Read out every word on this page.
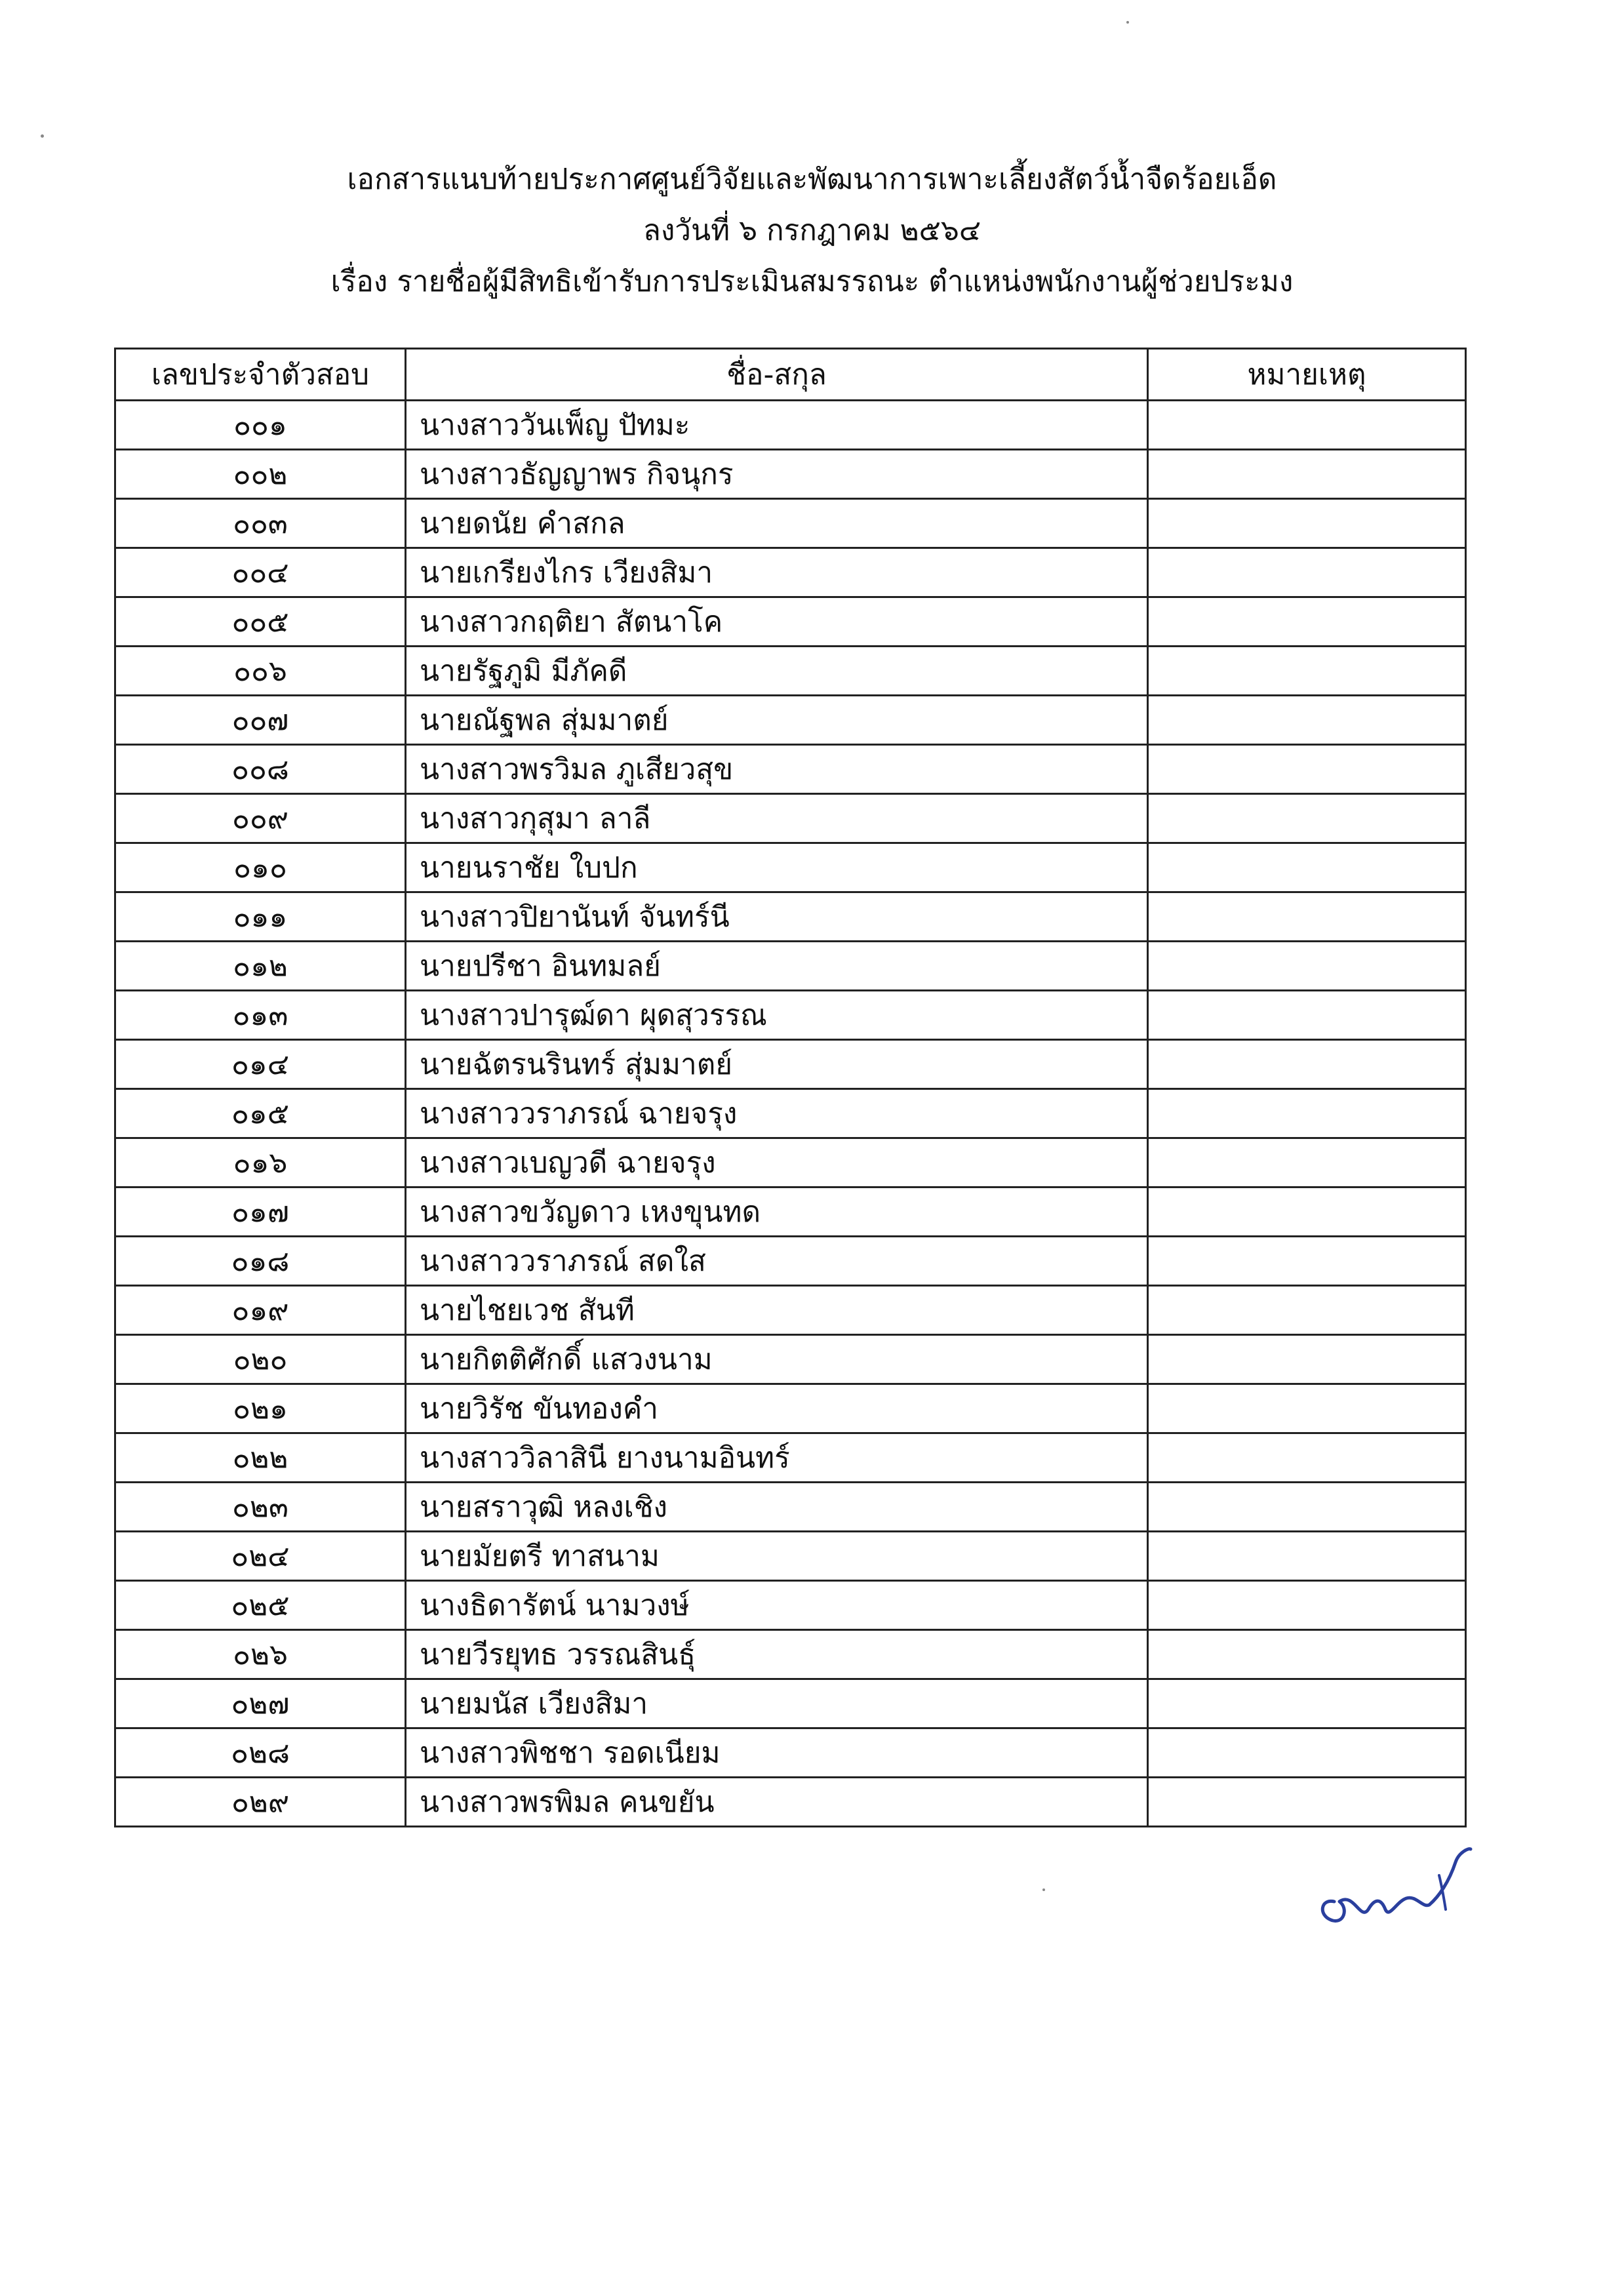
เอกสารแนบท้ายประกาศศูนย์วิจัยและพัฒนาการเพาะเลี้ยงสัตว์น้ำจืดร้อยเอ็ด
ลงวันที่ ๖ กรกฎาคม ๒๕๖๔
เรื่อง รายชื่อผู้มีสิทธิเข้ารับการประเมินสมรรถนะ ตำแหน่งพนักงานผู้ช่วยประมง
เลขประจำตัวสอบ	ชื่อ-สกุล	หมายเหตุ
๐๐๑	นางสาววันเพ็ญ ปัทมะ	
๐๐๒	นางสาวธัญญาพร กิจนุกร	
๐๐๓	นายดนัย คำสกล	
๐๐๔	นายเกรียงไกร เวียงสิมา	
๐๐๕	นางสาวกฤติยา สัตนาโค	
๐๐๖	นายรัฐภูมิ มีภัคดี	
๐๐๗	นายณัฐพล สุ่มมาตย์	
๐๐๘	นางสาวพรวิมล ภูเสียวสุข	
๐๐๙	นางสาวกุสุมา ลาลี	
๐๑๐	นายนราชัย ใบปก	
๐๑๑	นางสาวปิยานันท์ จันทร์นี	
๐๑๒	นายปรีชา อินทมลย์	
๐๑๓	นางสาวปารุฒ์ดา ผุดสุวรรณ	
๐๑๔	นายฉัตรนรินทร์ สุ่มมาตย์	
๐๑๕	นางสาววราภรณ์ ฉายจรุง	
๐๑๖	นางสาวเบญวดี ฉายจรุง	
๐๑๗	นางสาวขวัญดาว เหงขุนทด	
๐๑๘	นางสาววราภรณ์ สดใส	
๐๑๙	นายไชยเวช สันที	
๐๒๐	นายกิตติศักดิ์ แสวงนาม	
๐๒๑	นายวิรัช ขันทองคำ	
๐๒๒	นางสาววิลาสินี ยางนามอินทร์	
๐๒๓	นายสราวุฒิ หลงเชิง	
๐๒๔	นายมัยตรี ทาสนาม	
๐๒๕	นางธิดารัตน์ นามวงษ์	
๐๒๖	นายวีรยุทธ วรรณสินธุ์	
๐๒๗	นายมนัส เวียงสิมา	
๐๒๘	นางสาวพิชชา รอดเนียม	
๐๒๙	นางสาวพรพิมล คนขยัน	
